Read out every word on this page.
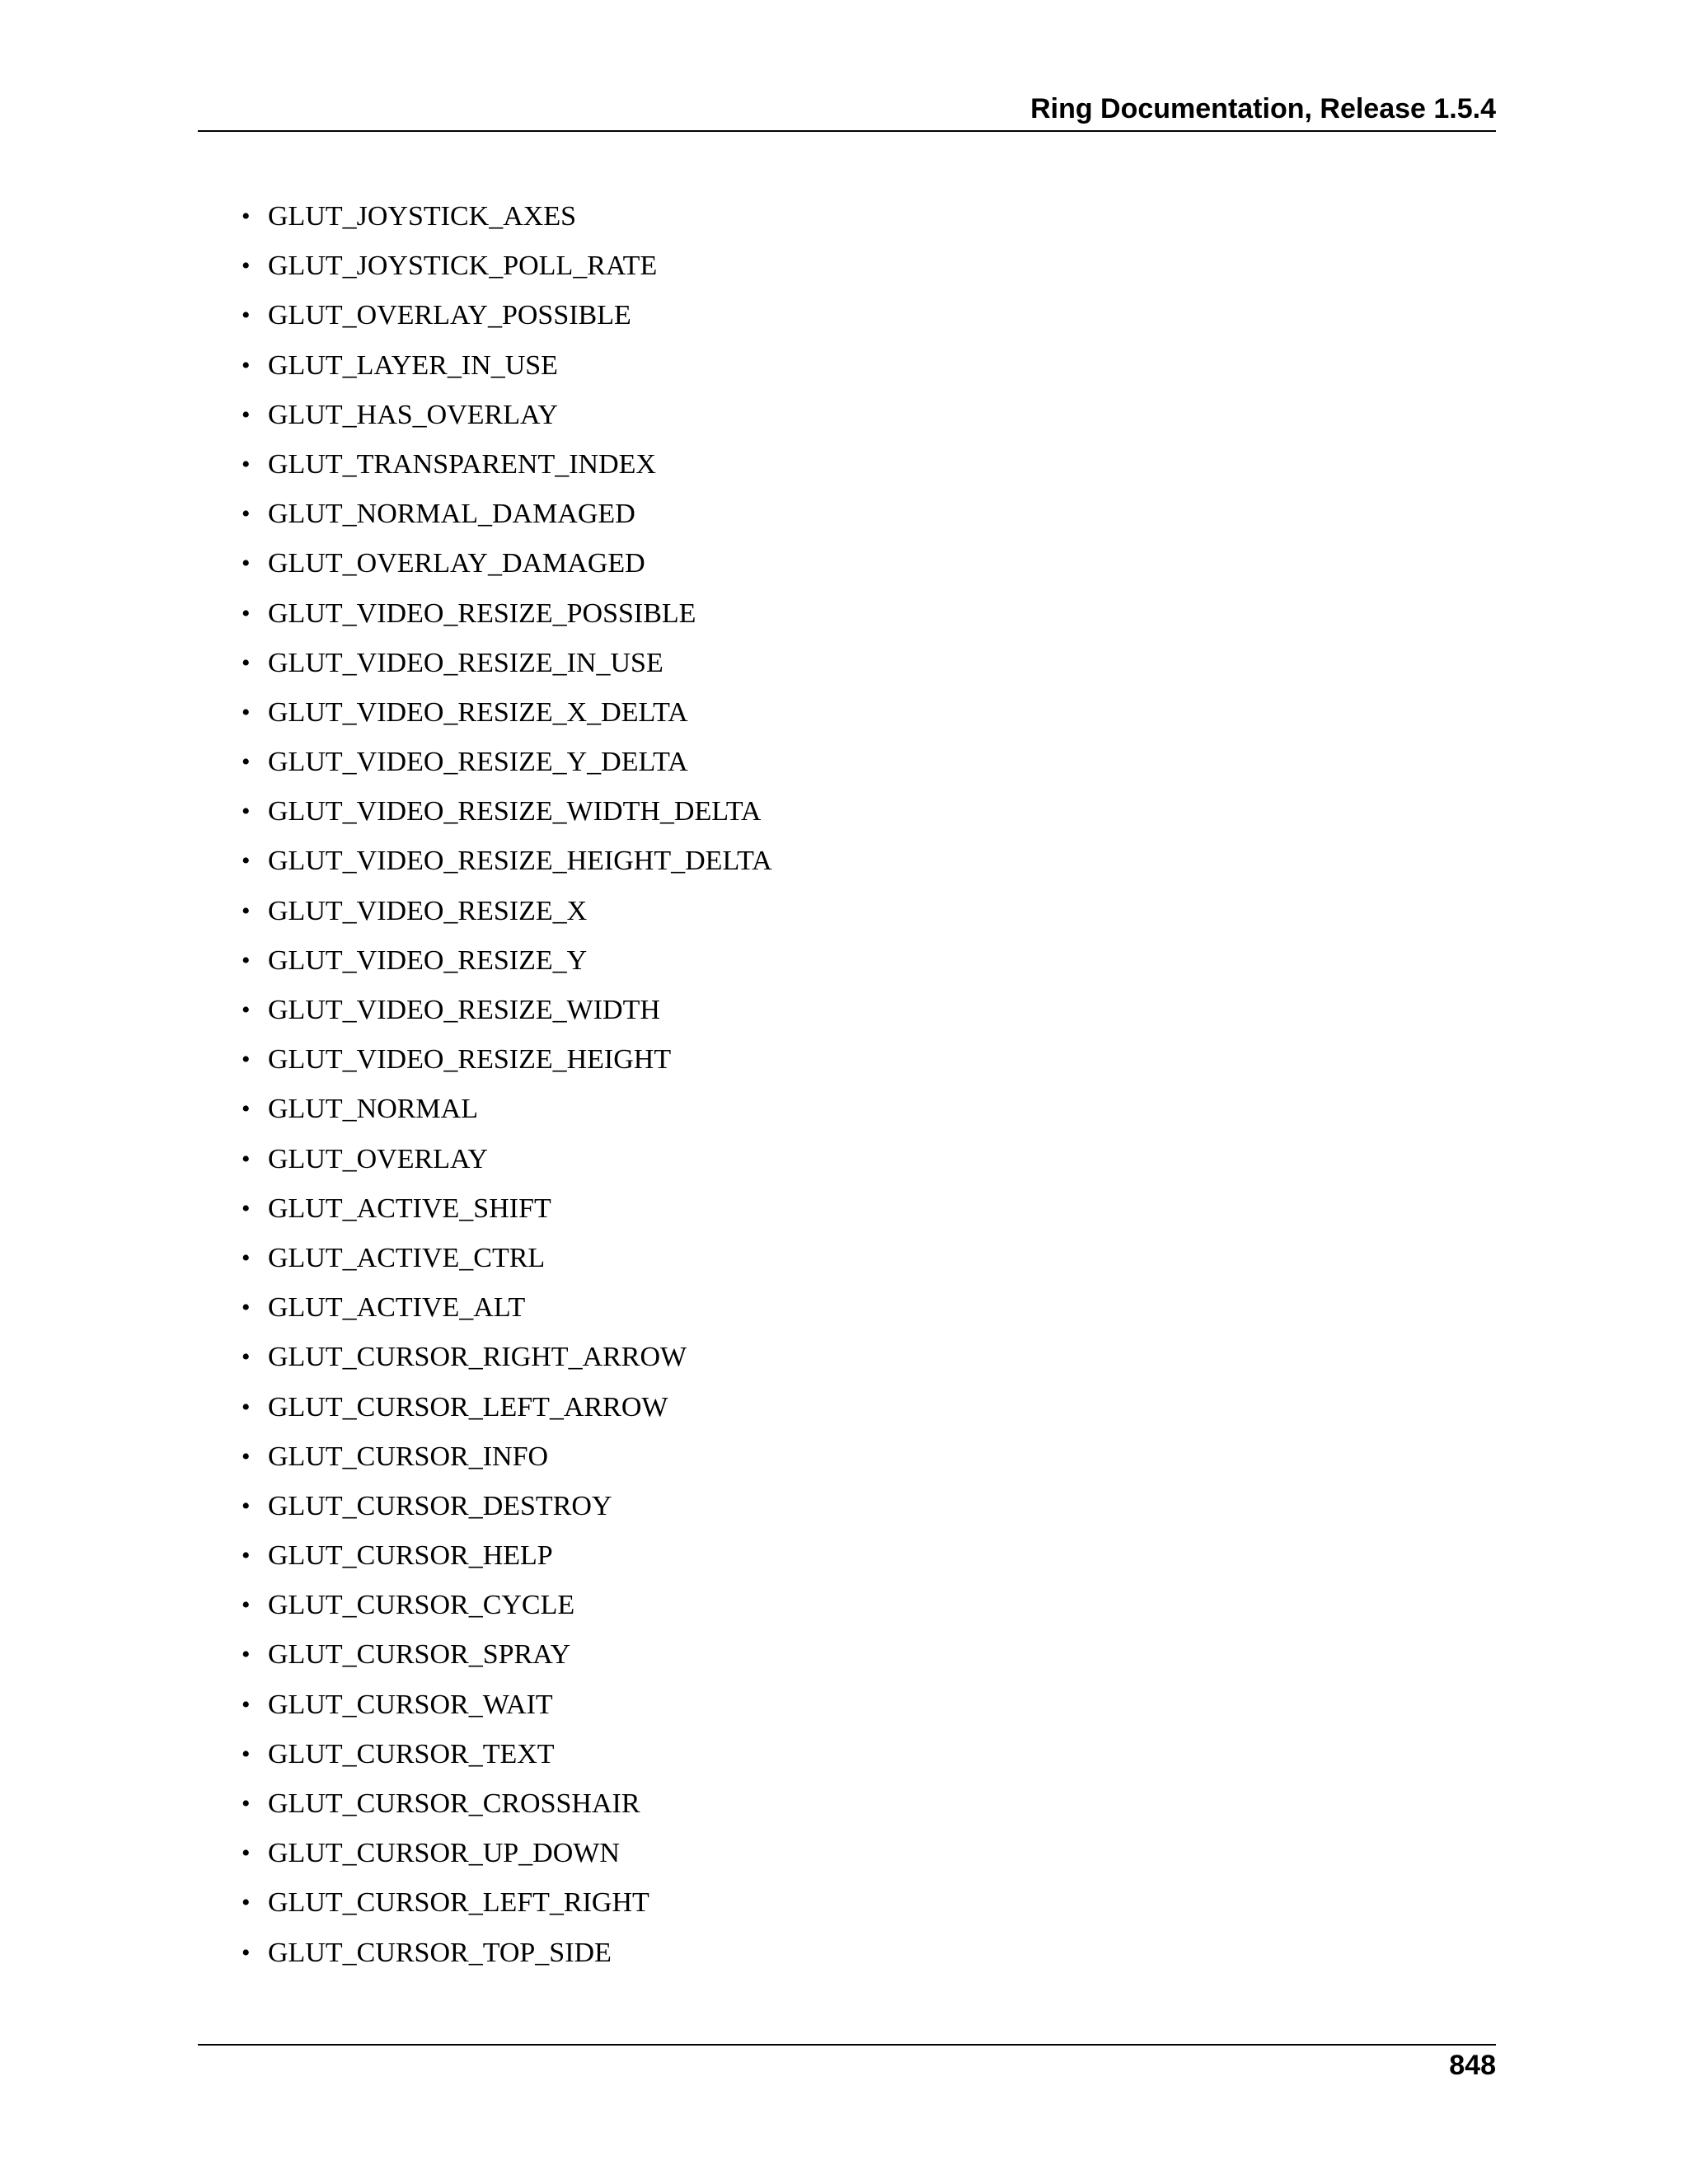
Ring Documentation, Release 1.5.4
• GLUT_JOYSTICK_AXES
• GLUT_JOYSTICK_POLL_RATE
• GLUT_OVERLAY_POSSIBLE
• GLUT_LAYER_IN_USE
• GLUT_HAS_OVERLAY
• GLUT_TRANSPARENT_INDEX
• GLUT_NORMAL_DAMAGED
• GLUT_OVERLAY_DAMAGED
• GLUT_VIDEO_RESIZE_POSSIBLE
• GLUT_VIDEO_RESIZE_IN_USE
• GLUT_VIDEO_RESIZE_X_DELTA
• GLUT_VIDEO_RESIZE_Y_DELTA
• GLUT_VIDEO_RESIZE_WIDTH_DELTA
• GLUT_VIDEO_RESIZE_HEIGHT_DELTA
• GLUT_VIDEO_RESIZE_X
• GLUT_VIDEO_RESIZE_Y
• GLUT_VIDEO_RESIZE_WIDTH
• GLUT_VIDEO_RESIZE_HEIGHT
• GLUT_NORMAL
• GLUT_OVERLAY
• GLUT_ACTIVE_SHIFT
• GLUT_ACTIVE_CTRL
• GLUT_ACTIVE_ALT
• GLUT_CURSOR_RIGHT_ARROW
• GLUT_CURSOR_LEFT_ARROW
• GLUT_CURSOR_INFO
• GLUT_CURSOR_DESTROY
• GLUT_CURSOR_HELP
• GLUT_CURSOR_CYCLE
• GLUT_CURSOR_SPRAY
• GLUT_CURSOR_WAIT
• GLUT_CURSOR_TEXT
• GLUT_CURSOR_CROSSHAIR
• GLUT_CURSOR_UP_DOWN
• GLUT_CURSOR_LEFT_RIGHT
• GLUT_CURSOR_TOP_SIDE
848
